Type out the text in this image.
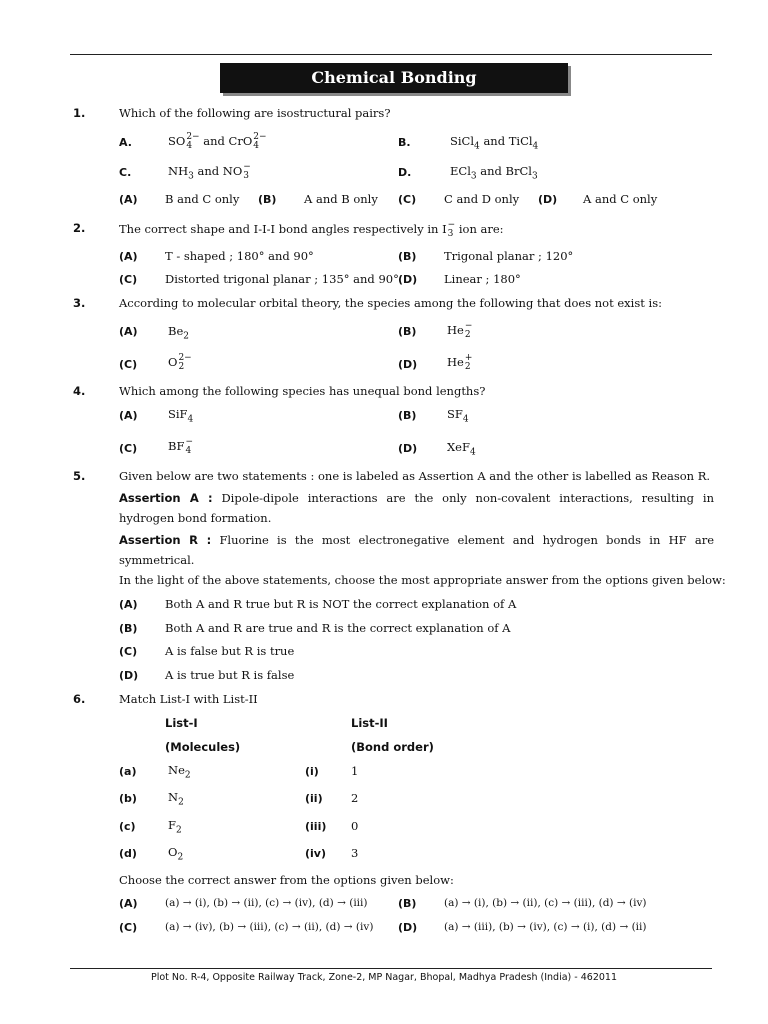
Chemical Bonding
1.	Which of the following are isostructural pairs?
A.	SO 2−
4 and CrO 2−
4	B.	SiCl$_4$ and TiCl$_4$
C.	$NH_3$ and NO −
3	D.	ECl$_3$ and BrCl$_3$
(A) B and C only (B) A and B only (C) C and D only (D) A and C only
2.	The correct shape and I-I-I bond angles respectively in I −
3 ion are:
(A) T - shaped ; 180° and 90°	(B) Trigonal planar ; 120°
(C) Distorted trigonal planar ; 135° and 90° (D) Linear ; 180°
3.	According to molecular orbital theory, the species among the following that does not exist is:
(A)	$Be_2$	(B)	He −
2
(C)	O 2−
2	(D)	He +
2
4.	Which among the following species has unequal bond lengths?
(A)	SiF$_4$	(B)	$SF_4$
(C)	BF −
4	(D)	XeF$_4$
5.	Given below are two statements : one is labeled as Assertion A and the other is labelled as Reason R.
Assertion A : Dipole-dipole interactions are the only non-covalent interactions, resulting in hydrogen bond formation.
Assertion R : Fluorine is the most electronegative element and hydrogen bonds in HF are symmetrical.
In the light of the above statements, choose the most appropriate answer from the options given below:
(A) Both A and R true but R is NOT the correct explanation of A
(B) Both A and R are true and R is the correct explanation of A
(C) A is false but R is true
(D) A is true but R is false
6.	Match List-I with List-II
List-I	List-II
(Molecules)	(Bond order)
(a)	$Ne_2$	(i)	1
(b)	$N_2$	(ii) 2
(c)	$F_2$	(iii) 0
(d)	$O_2$	(iv) 3
Choose the correct answer from the options given below:
(A)	(a) → (i), (b) → (ii), (c) → (iv), (d) → (iii)	(B)	(a) → (i), (b) → (ii), (c) → (iii), (d) → (iv)
(C)	(a) → (iv), (b) → (iii), (c) → (ii), (d) → (iv) (D)	(a) → (iii), (b) → (iv), (c) → (i), (d) → (ii)
Plot No. R-4, Opposite Railway Track, Zone-2, MP Nagar, Bhopal, Madhya Pradesh (India) - 462011
